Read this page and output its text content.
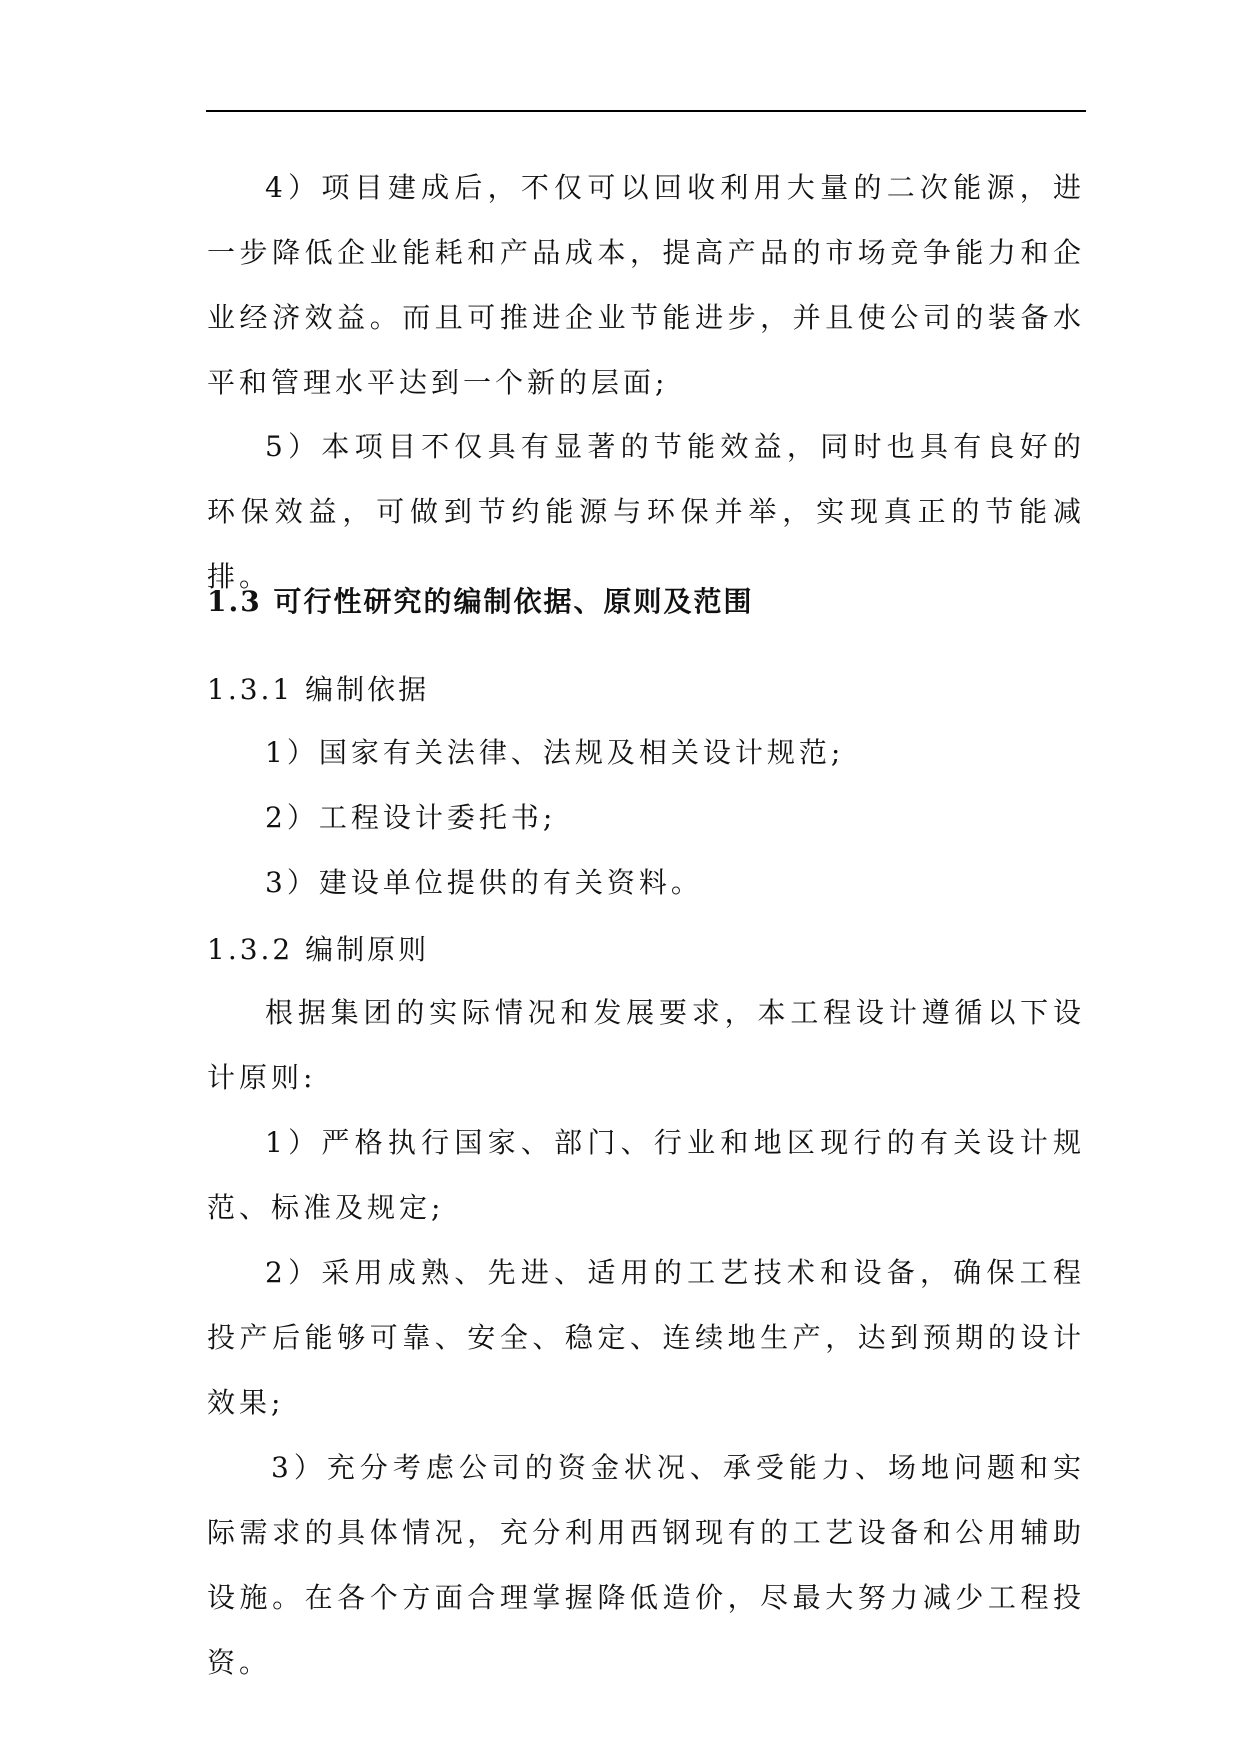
4）项目建成后，不仅可以回收利用大量的二次能源，进一步降低企业能耗和产品成本，提高产品的市场竞争能力和企业经济效益。而且可推进企业节能进步，并且使公司的装备水平和管理水平达到一个新的层面;

5）本项目不仅具有显著的节能效益，同时也具有良好的环保效益，可做到节约能源与环保并举，实现真正的节能减排。

1.3 可行性研究的编制依据、原则及范围

1.3.1 编制依据

1）国家有关法律、法规及相关设计规范;

2）工程设计委托书;

3）建设单位提供的有关资料。

1.3.2 编制原则

根据集团的实际情况和发展要求，本工程设计遵循以下设计原则:

1）严格执行国家、部门、行业和地区现行的有关设计规范、标准及规定;

2）采用成熟、先进、适用的工艺技术和设备，确保工程投产后能够可靠、安全、稳定、连续地生产，达到预期的设计效果;

3）充分考虑公司的资金状况、承受能力、场地问题和实际需求的具体情况，充分利用西钢现有的工艺设备和公用辅助设施。在各个方面合理掌握降低造价，尽最大努力减少工程投资。
